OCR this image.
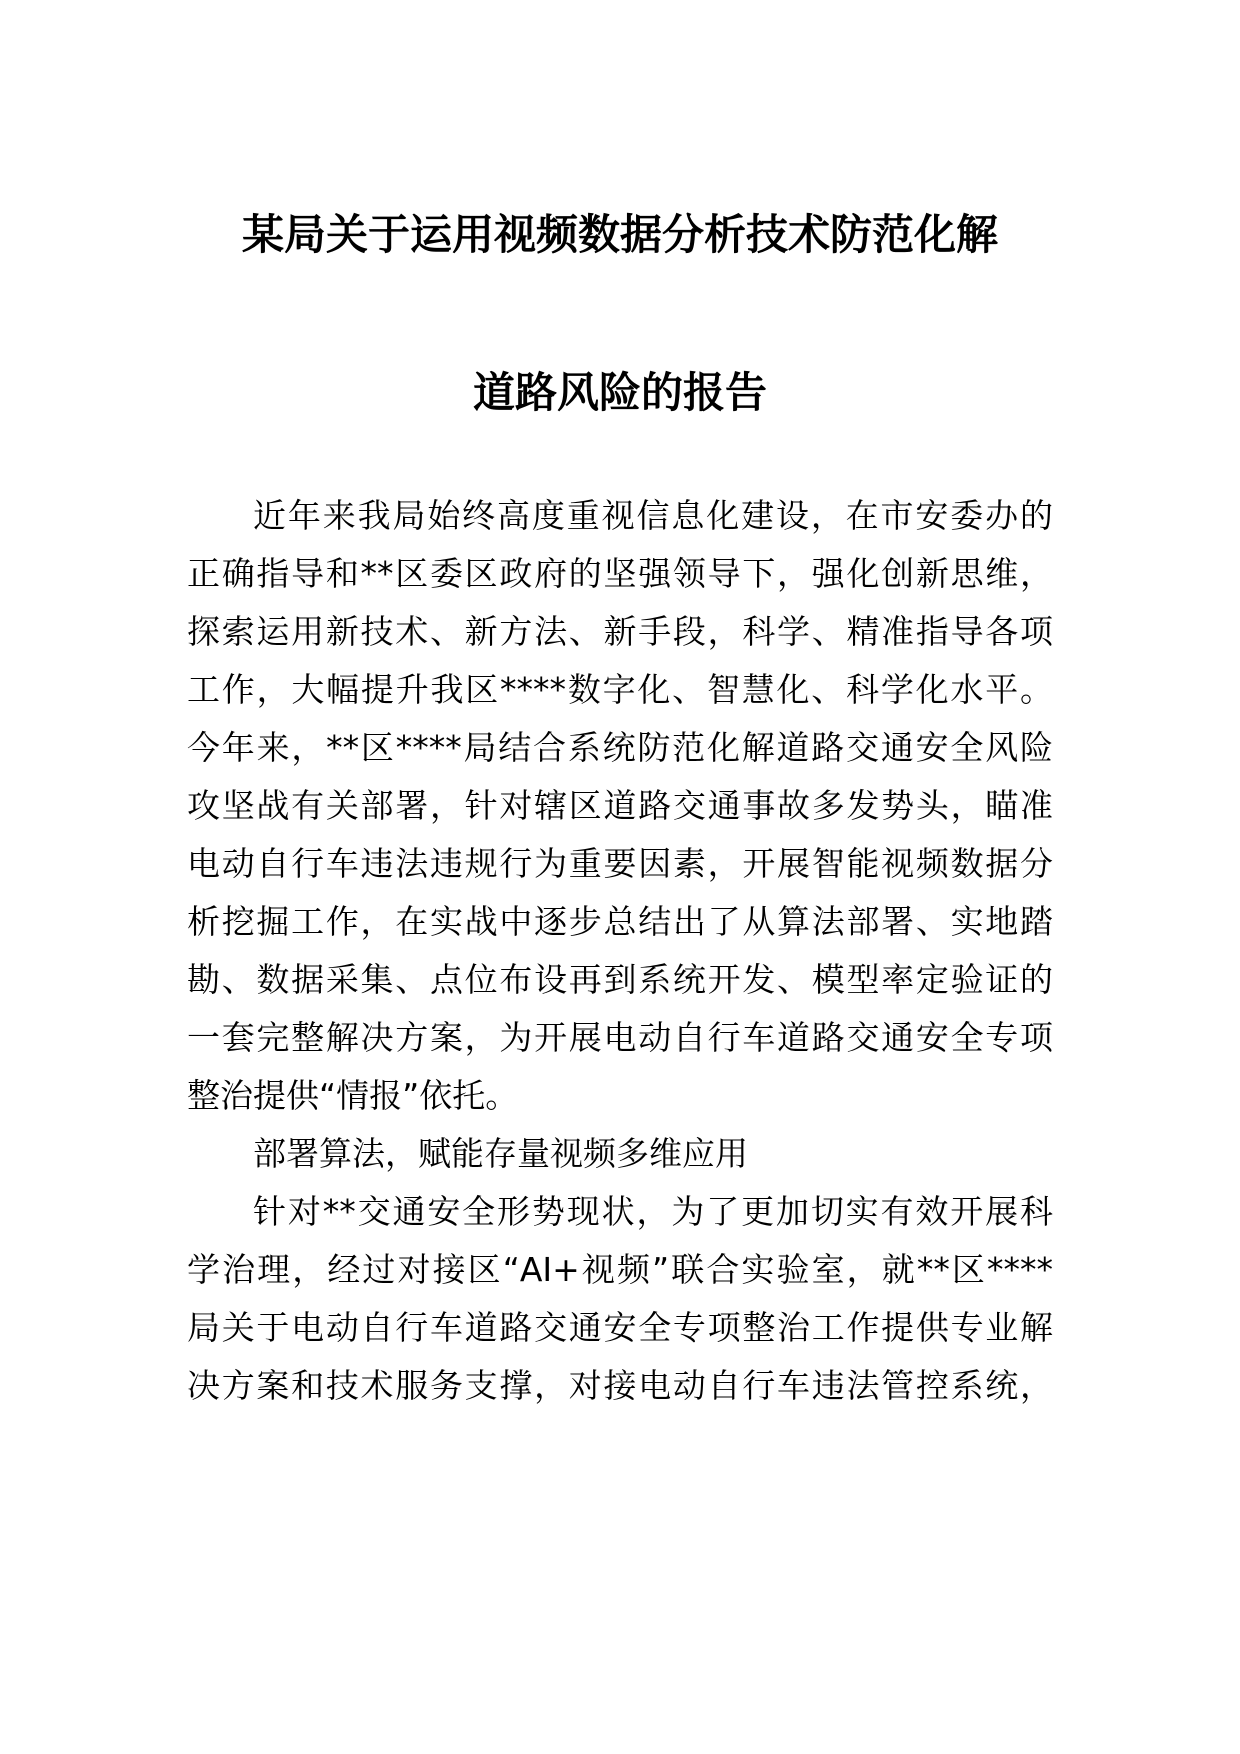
某局关于运用视频数据分析技术防范化解
道路风险的报告
近年来我局始终高度重视信息化建设，在市安委办的
正确指导和**区委区政府的坚强领导下，强化创新思维，
探索运用新技术、新方法、新手段，科学、精准指导各项
工作，大幅提升我区****数字化、智慧化、科学化水平。
今年来，**区****局结合系统防范化解道路交通安全风险
攻坚战有关部署，针对辖区道路交通事故多发势头，瞄准
电动自行车违法违规行为重要因素，开展智能视频数据分
析挖掘工作，在实战中逐步总结出了从算法部署、实地踏
勘、数据采集、点位布设再到系统开发、模型率定验证的
一套完整解决方案，为开展电动自行车道路交通安全专项
整治提供“情报”依托。
部署算法，赋能存量视频多维应用
针对**交通安全形势现状，为了更加切实有效开展科
学治理，经过对接区“AI+视频”联合实验室，就**区****
局关于电动自行车道路交通安全专项整治工作提供专业解
决方案和技术服务支撑，对接电动自行车违法管控系统，
